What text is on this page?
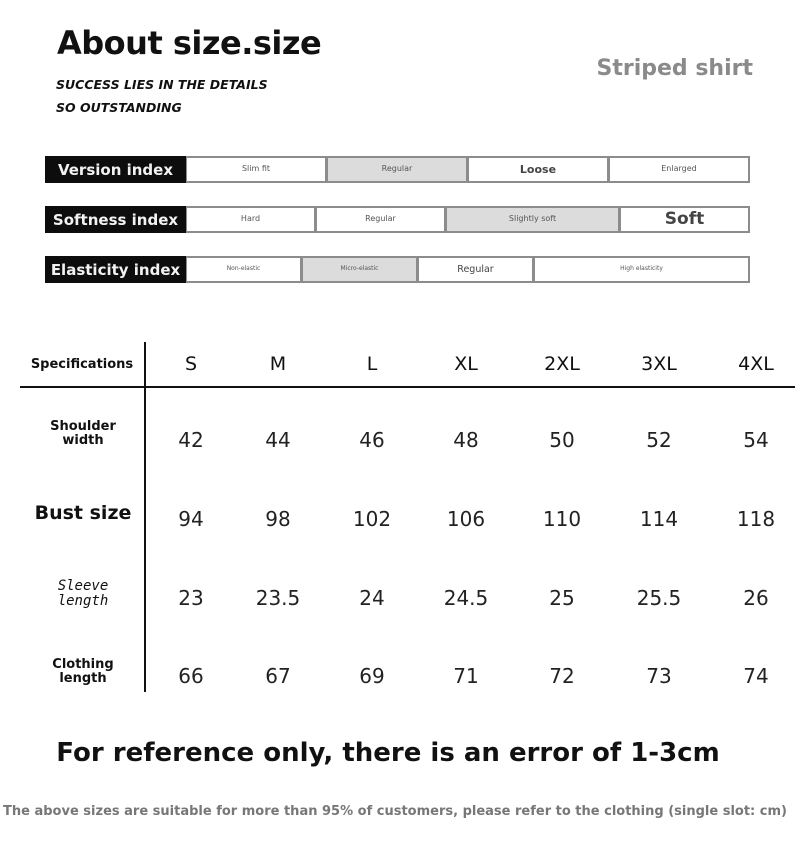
About size.size
SUCCESS LIES IN THE DETAILS
SO OUTSTANDING
Striped shirt
Version index	Slim fit	Regular	Loose	Enlarged
Softness index	Hard	Regular	Slightly soft	Soft
Elasticity index	Non-elastic	Micro-elastic	Regular	High elasticity
Specifications	S	M	L	XL	2XL	3XL	4XL
Shoulder width	42	44	46	48	50	52	54
Bust size	94	98	102	106	110	114	118
Sleeve length	23	23.5	24	24.5	25	25.5	26
Clothing length	66	67	69	71	72	73	74
For reference only, there is an error of 1-3cm
The above sizes are suitable for more than 95% of customers, please refer to the clothing (single slot: cm)
